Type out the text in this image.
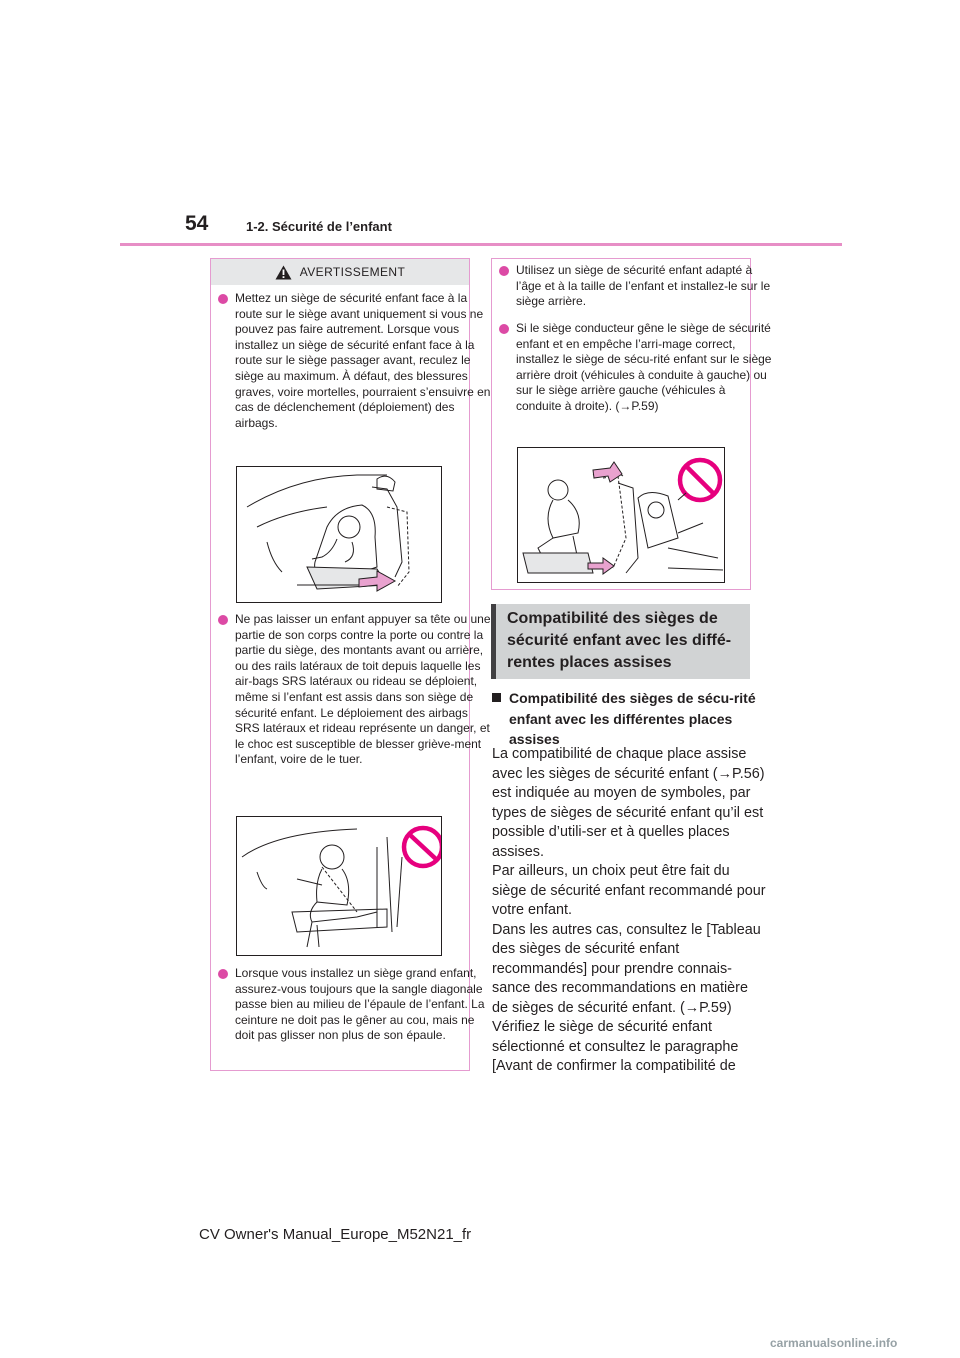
54	1-2. Sécurité de l’enfant
AVERTISSEMENT
Mettez un siège de sécurité enfant face à la route sur le siège avant uniquement si vous ne pouvez pas faire autrement. Lorsque vous installez un siège de sécurité enfant face à la route sur le siège passager avant, reculez le siège au maximum. À défaut, des blessures graves, voire mortelles, pourraient s’ensuivre en cas de déclenchement (déploiement) des airbags.
Ne pas laisser un enfant appuyer sa tête ou une partie de son corps contre la porte ou contre la partie du siège, des montants avant ou arrière, ou des rails latéraux de toit depuis laquelle les air-bags SRS latéraux ou rideau se déploient, même si l’enfant est assis dans son siège de sécurité enfant. Le déploiement des airbags SRS latéraux et rideau représente un danger, et le choc est susceptible de blesser griève-ment l’enfant, voire de le tuer.
Lorsque vous installez un siège grand enfant, assurez-vous toujours que la sangle diagonale passe bien au milieu de l’épaule de l’enfant. La ceinture ne doit pas le gêner au cou, mais ne doit pas glisser non plus de son épaule.
Utilisez un siège de sécurité enfant adapté à l’âge et à la taille de l’enfant et installez-le sur le siège arrière.
Si le siège conducteur gêne le siège de sécurité enfant et en empêche l’arri-mage correct, installez le siège de sécu-rité enfant sur le siège arrière droit (véhicules à conduite à gauche) ou sur le siège arrière gauche (véhicules à conduite à droite). (→P.59)
Compatibilité des sièges de sécurité enfant avec les diffé-rentes places assises
Compatibilité des sièges de sécu-rité enfant avec les différentes places assises

La compatibilité de chaque place assise avec les sièges de sécurité enfant (→P.56) est indiquée au moyen de symboles, par types de sièges de sécurité enfant qu’il est possible d’utili-ser et à quelles places assises.

Par ailleurs, un choix peut être fait du siège de sécurité enfant recommandé pour votre enfant.

Dans les autres cas, consultez le [Tableau des sièges de sécurité enfant recommandés] pour prendre connais-sance des recommandations en matière de sièges de sécurité enfant. (→P.59)

Vérifiez le siège de sécurité enfant sélectionné et consultez le paragraphe [Avant de confirmer la compatibilité de

CV Owner's Manual_Europe_M52N21_fr
carmanualsonline.info
